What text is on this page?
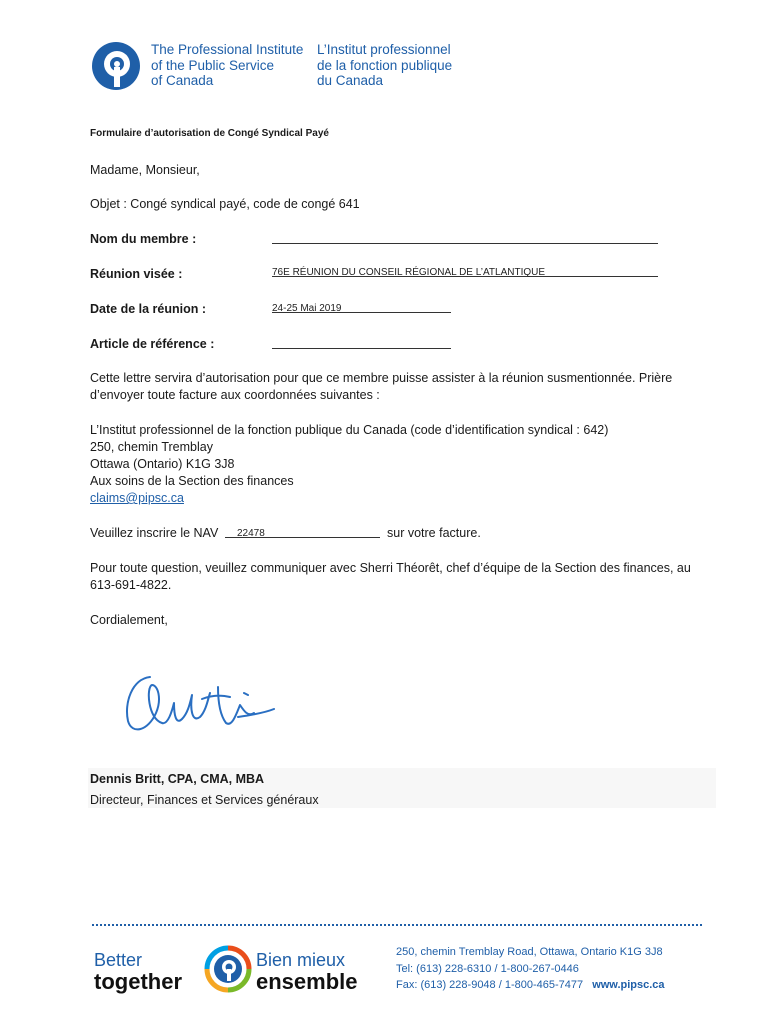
The Professional Institute
of the Public Service
of Canada
L’Institut professionnel
de la fonction publique
du Canada
Formulaire d’autorisation de Congé Syndical Payé
Madame, Monsieur,
Objet : Congé syndical payé, code de congé 641
Nom du membre :
Réunion visée :	76E RÉUNION DU CONSEIL RÉGIONAL DE L’ATLANTIQUE
Date de la réunion :	24-25 Mai 2019
Article de référence :
Cette lettre servira d’autorisation pour que ce membre puisse assister à la réunion susmentionnée. Prière d’envoyer toute facture aux coordonnées suivantes :
L’Institut professionnel de la fonction publique du Canada (code d’identification syndical : 642)
250, chemin Tremblay
Ottawa (Ontario) K1G 3J8
Aux soins de la Section des finances
claims@pipsc.ca
Veuillez inscrire le NAV	22478	sur votre facture.
Pour toute question, veuillez communiquer avec Sherri Théorêt, chef d’équipe de la Section des finances, au 613-691-4822.
Cordialement,
Dennis Britt, CPA, CMA, MBA
Directeur, Finances et Services généraux
Better
together
Bien mieux
ensemble
250, chemin Tremblay Road, Ottawa, Ontario K1G 3J8
Tel: (613) 228-6310 / 1-800-267-0446
Fax: (613) 228-9048 / 1-800-465-7477 www.pipsc.ca
